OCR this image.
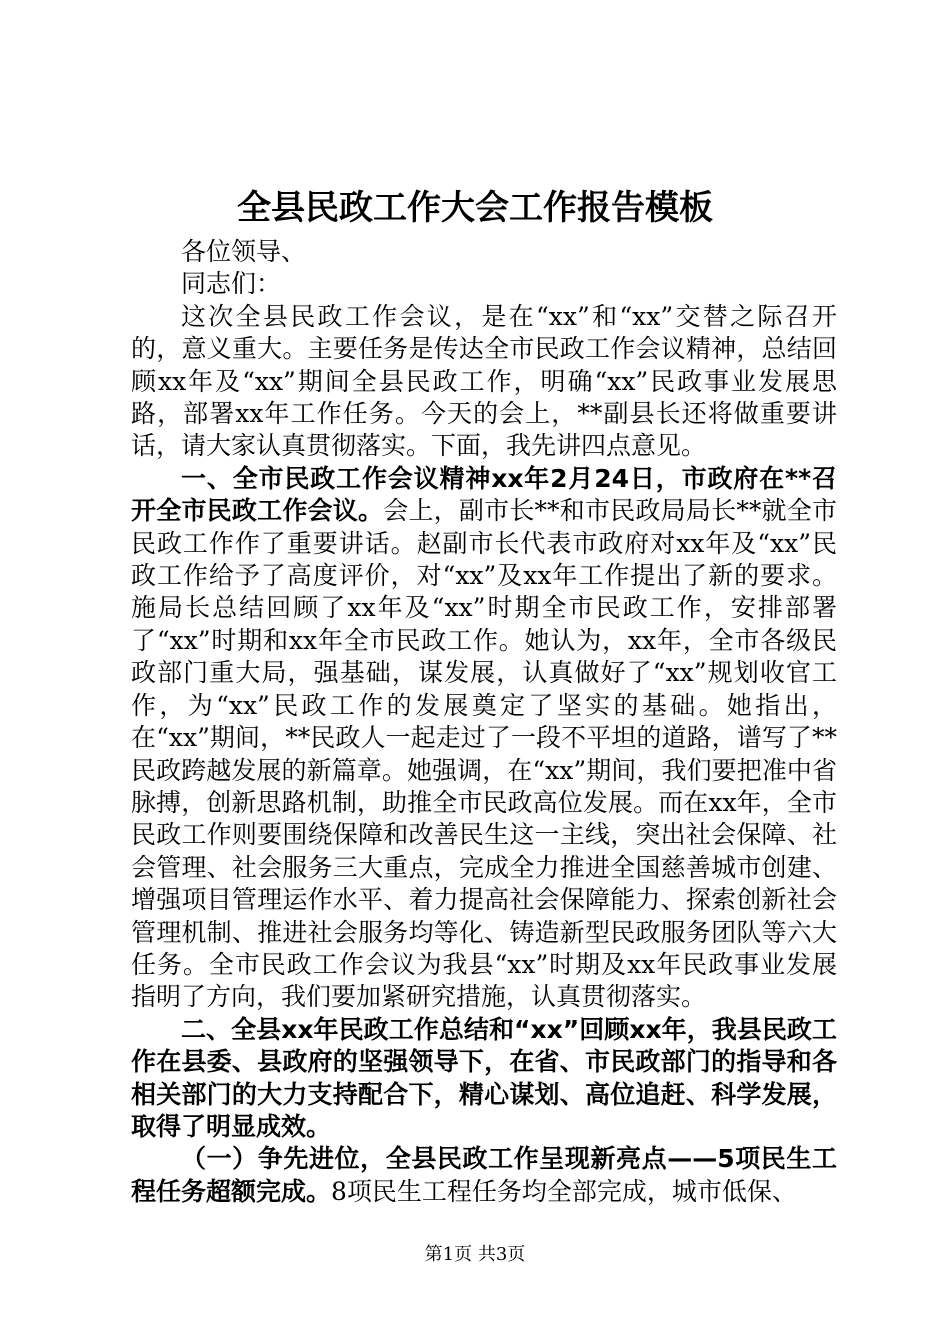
全县民政工作大会工作报告模板

各位领导、

同志们：

这次全县民政工作会议，是在“xx”和“xx”交替之际召开的，意义重大。主要任务是传达全市民政工作会议精神，总结回顾xx年及“xx”期间全县民政工作，明确“xx”民政事业发展思路，部署xx年工作任务。今天的会上，**副县长还将做重要讲话，请大家认真贯彻落实。下面，我先讲四点意见。

一、全市民政工作会议精神xx年2月24日，市政府在**召开全市民政工作会议。会上，副市长**和市民政局局长**就全市民政工作作了重要讲话。赵副市长代表市政府对xx年及“xx”民政工作给予了高度评价，对“xx”及xx年工作提出了新的要求。施局长总结回顾了xx年及“xx”时期全市民政工作，安排部署了“xx”时期和xx年全市民政工作。她认为，xx年，全市各级民政部门重大局，强基础，谋发展，认真做好了“xx”规划收官工作，为“xx”民政工作的发展奠定了坚实的基础。她指出，在“xx”期间，**民政人一起走过了一段不平坦的道路，谱写了**民政跨越发展的新篇章。她强调，在“xx”期间，我们要把准中省脉搏，创新思路机制，助推全市民政高位发展。而在xx年，全市民政工作则要围绕保障和改善民生这一主线，突出社会保障、社会管理、社会服务三大重点，完成全力推进全国慈善城市创建、增强项目管理运作水平、着力提高社会保障能力、探索创新社会管理机制、推进社会服务均等化、铸造新型民政服务团队等六大任务。全市民政工作会议为我县“xx”时期及xx年民政事业发展指明了方向，我们要加紧研究措施，认真贯彻落实。

二、全县xx年民政工作总结和“xx”回顾xx年，我县民政工作在县委、县政府的坚强领导下，在省、市民政部门的指导和各相关部门的大力支持配合下，精心谋划、高位追赶、科学发展，取得了明显成效。

（一）争先进位，全县民政工作呈现新亮点——5项民生工程任务超额完成。8项民生工程任务均全部完成，城市低保、

第1页 共3页
